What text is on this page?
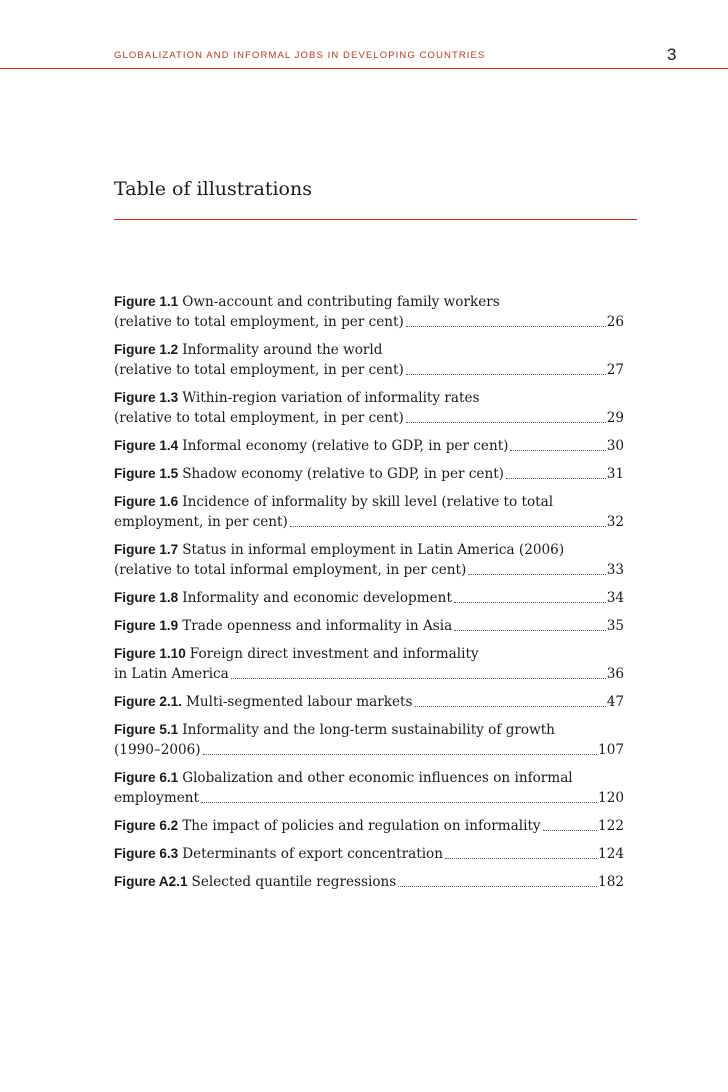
GLOBALIZATION AND INFORMAL JOBS IN DEVELOPING COUNTRIES	3
Table of illustrations
Figure 1.1 Own-account and contributing family workers
(relative to total employment, in per cent)	26
Figure 1.2 Informality around the world
(relative to total employment, in per cent)	27
Figure 1.3 Within-region variation of informality rates
(relative to total employment, in per cent)	29
Figure 1.4 Informal economy (relative to GDP, in per cent)	30
Figure 1.5 Shadow economy (relative to GDP, in per cent)	31
Figure 1.6 Incidence of informality by skill level (relative to total
employment, in per cent)	32
Figure 1.7 Status in informal employment in Latin America (2006)
(relative to total informal employment, in per cent)	33
Figure 1.8 Informality and economic development	34
Figure 1.9 Trade openness and informality in Asia	35
Figure 1.10 Foreign direct investment and informality
in Latin America	36
Figure 2.1. Multi-segmented labour markets	47
Figure 5.1 Informality and the long-term sustainability of growth
(1990–2006)	107
Figure 6.1 Globalization and other economic influences on informal
employment	120
Figure 6.2 The impact of policies and regulation on informality	122
Figure 6.3 Determinants of export concentration	124
Figure A2.1 Selected quantile regressions	182
